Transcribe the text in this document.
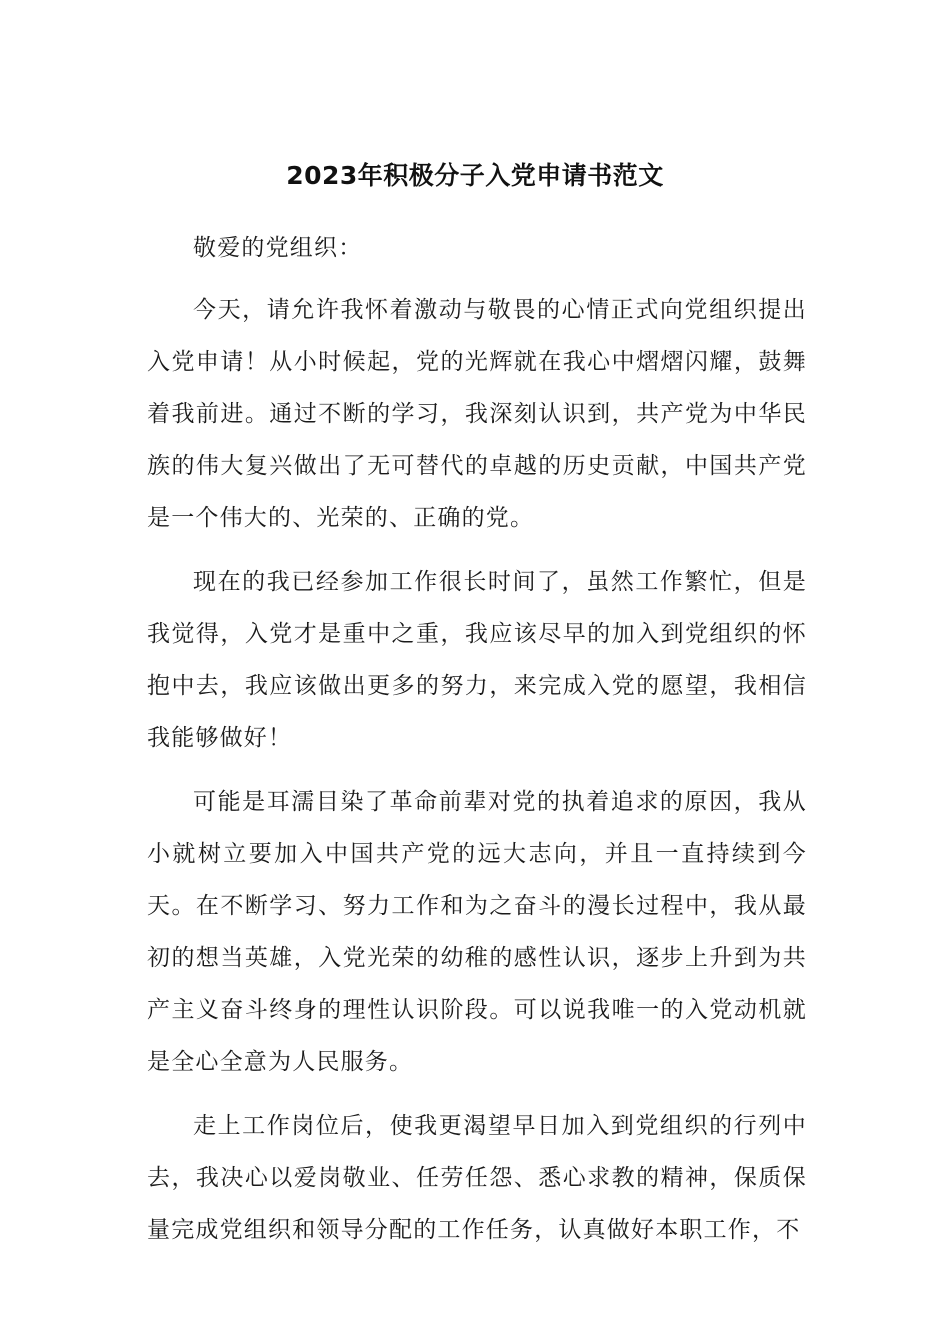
2023年积极分子入党申请书范文

敬爱的党组织：

今天，请允许我怀着激动与敬畏的心情正式向党组织提出入党申请！从小时候起，党的光辉就在我心中熠熠闪耀，鼓舞着我前进。通过不断的学习，我深刻认识到，共产党为中华民族的伟大复兴做出了无可替代的卓越的历史贡献，中国共产党是一个伟大的、光荣的、正确的党。

现在的我已经参加工作很长时间了，虽然工作繁忙，但是我觉得，入党才是重中之重，我应该尽早的加入到党组织的怀抱中去，我应该做出更多的努力，来完成入党的愿望，我相信我能够做好！

可能是耳濡目染了革命前辈对党的执着追求的原因，我从小就树立要加入中国共产党的远大志向，并且一直持续到今天。在不断学习、努力工作和为之奋斗的漫长过程中，我从最初的想当英雄，入党光荣的幼稚的感性认识，逐步上升到为共产主义奋斗终身的理性认识阶段。可以说我唯一的入党动机就是全心全意为人民服务。

走上工作岗位后，使我更渴望早日加入到党组织的行列中去，我决心以爱岗敬业、任劳任怨、悉心求教的精神，保质保量完成党组织和领导分配的工作任务，认真做好本职工作，不
